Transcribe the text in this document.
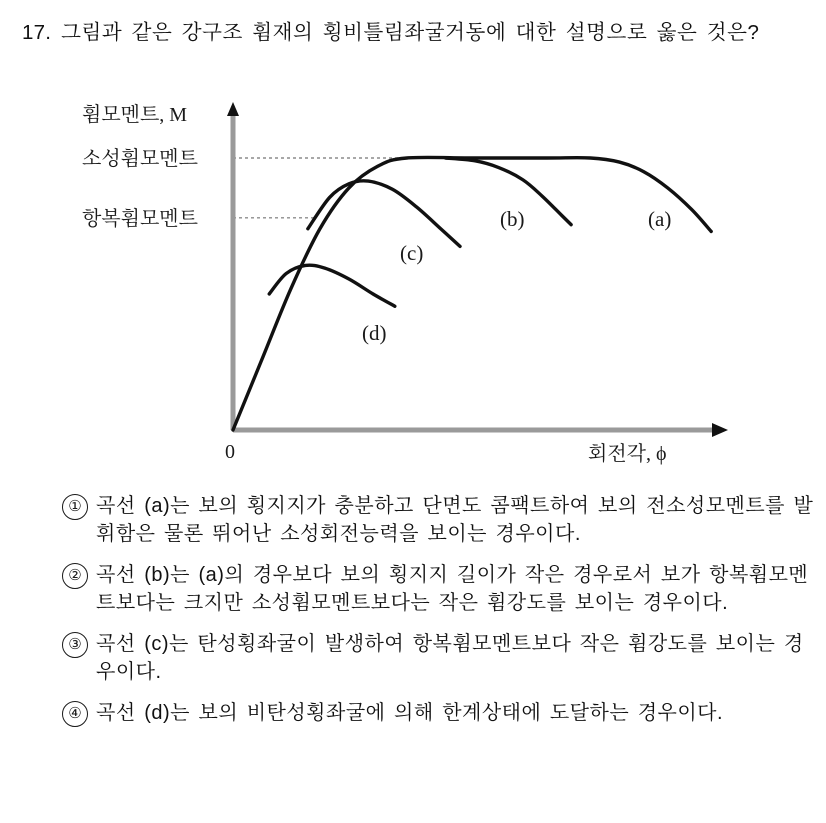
17. 그림과 같은 강구조 휨재의 횡비틀림좌굴거동에 대한 설명으로 옳은 것은?
휨모멘트, M
소성휨모멘트
항복휨모멘트
0	회전각, ϕ
(a)
(b)
(c)
(d)
① 곡선 (a)는 보의 횡지지가 충분하고 단면도 콤팩트하여 보의 전소성모멘트를 발휘함은 물론 뛰어난 소성회전능력을 보이는 경우이다.
② 곡선 (b)는 (a)의 경우보다 보의 횡지지 길이가 작은 경우로서 보가 항복휨모멘트보다는 크지만 소성휨모멘트보다는 작은 휨강도를 보이는 경우이다.
③ 곡선 (c)는 탄성횡좌굴이 발생하여 항복휨모멘트보다 작은 휨강도를 보이는 경우이다.
④ 곡선 (d)는 보의 비탄성횡좌굴에 의해 한계상태에 도달하는 경우이다.
